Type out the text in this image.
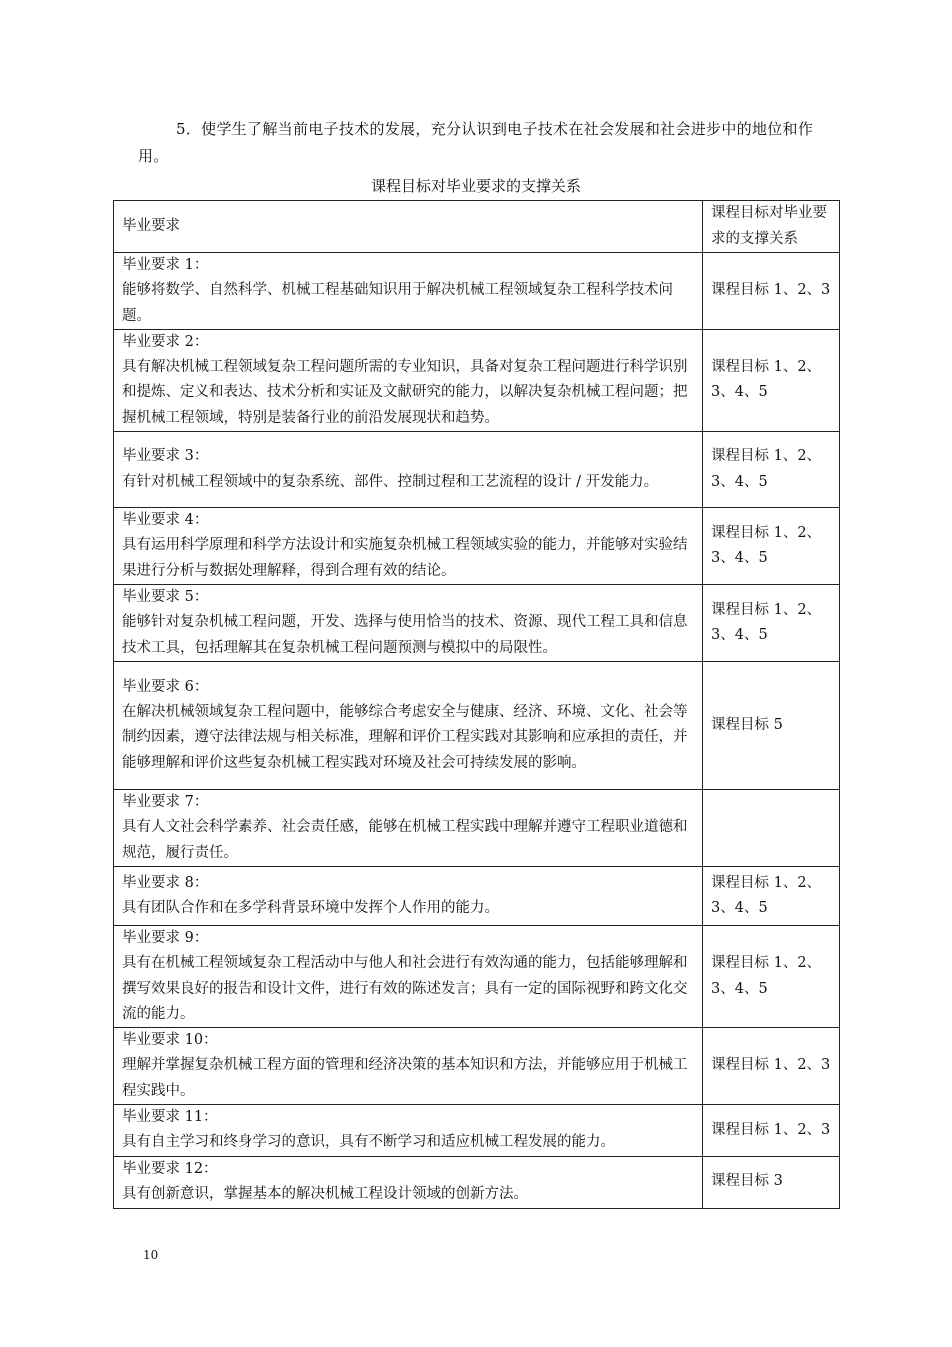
5．使学生了解当前电子技术的发展，充分认识到电子技术在社会发展和社会进步中的地位和作用。

课程目标对毕业要求的支撑关系

毕业要求	课程目标对毕业要求的支撑关系

毕业要求 1：
能够将数学、自然科学、机械工程基础知识用于解决机械工程领域复杂工程科学技术问题。	课程目标 1、2、3

毕业要求 2：
具有解决机械工程领域复杂工程问题所需的专业知识，具备对复杂工程问题进行科学识别和提炼、定义和表达、技术分析和实证及文献研究的能力，以解决复杂机械工程问题；把握机械工程领域，特别是装备行业的前沿发展现状和趋势。	课程目标 1、2、3、4、5

毕业要求 3：
有针对机械工程领域中的复杂系统、部件、控制过程和工艺流程的设计 / 开发能力。	课程目标 1、2、3、4、5

毕业要求 4：
具有运用科学原理和科学方法设计和实施复杂机械工程领域实验的能力，并能够对实验结果进行分析与数据处理解释，得到合理有效的结论。	课程目标 1、2、3、4、5

毕业要求 5：
能够针对复杂机械工程问题，开发、选择与使用恰当的技术、资源、现代工程工具和信息技术工具，包括理解其在复杂机械工程问题预测与模拟中的局限性。	课程目标 1、2、3、4、5

毕业要求 6：
在解决机械领域复杂工程问题中，能够综合考虑安全与健康、经济、环境、文化、社会等制约因素，遵守法律法规与相关标准，理解和评价工程实践对其影响和应承担的责任，并能够理解和评价这些复杂机械工程实践对环境及社会可持续发展的影响。	课程目标 5

毕业要求 7：
具有人文社会科学素养、社会责任感，能够在机械工程实践中理解并遵守工程职业道德和规范，履行责任。	

毕业要求 8：
具有团队合作和在多学科背景环境中发挥个人作用的能力。	课程目标 1、2、3、4、5

毕业要求 9：
具有在机械工程领域复杂工程活动中与他人和社会进行有效沟通的能力，包括能够理解和撰写效果良好的报告和设计文件，进行有效的陈述发言；具有一定的国际视野和跨文化交流的能力。	课程目标 1、2、3、4、5

毕业要求 10：
理解并掌握复杂机械工程方面的管理和经济决策的基本知识和方法，并能够应用于机械工程实践中。	课程目标 1、2、3

毕业要求 11：
具有自主学习和终身学习的意识，具有不断学习和适应机械工程发展的能力。	课程目标 1、2、3

毕业要求 12：
具有创新意识，掌握基本的解决机械工程设计领域的创新方法。	课程目标 3
10
